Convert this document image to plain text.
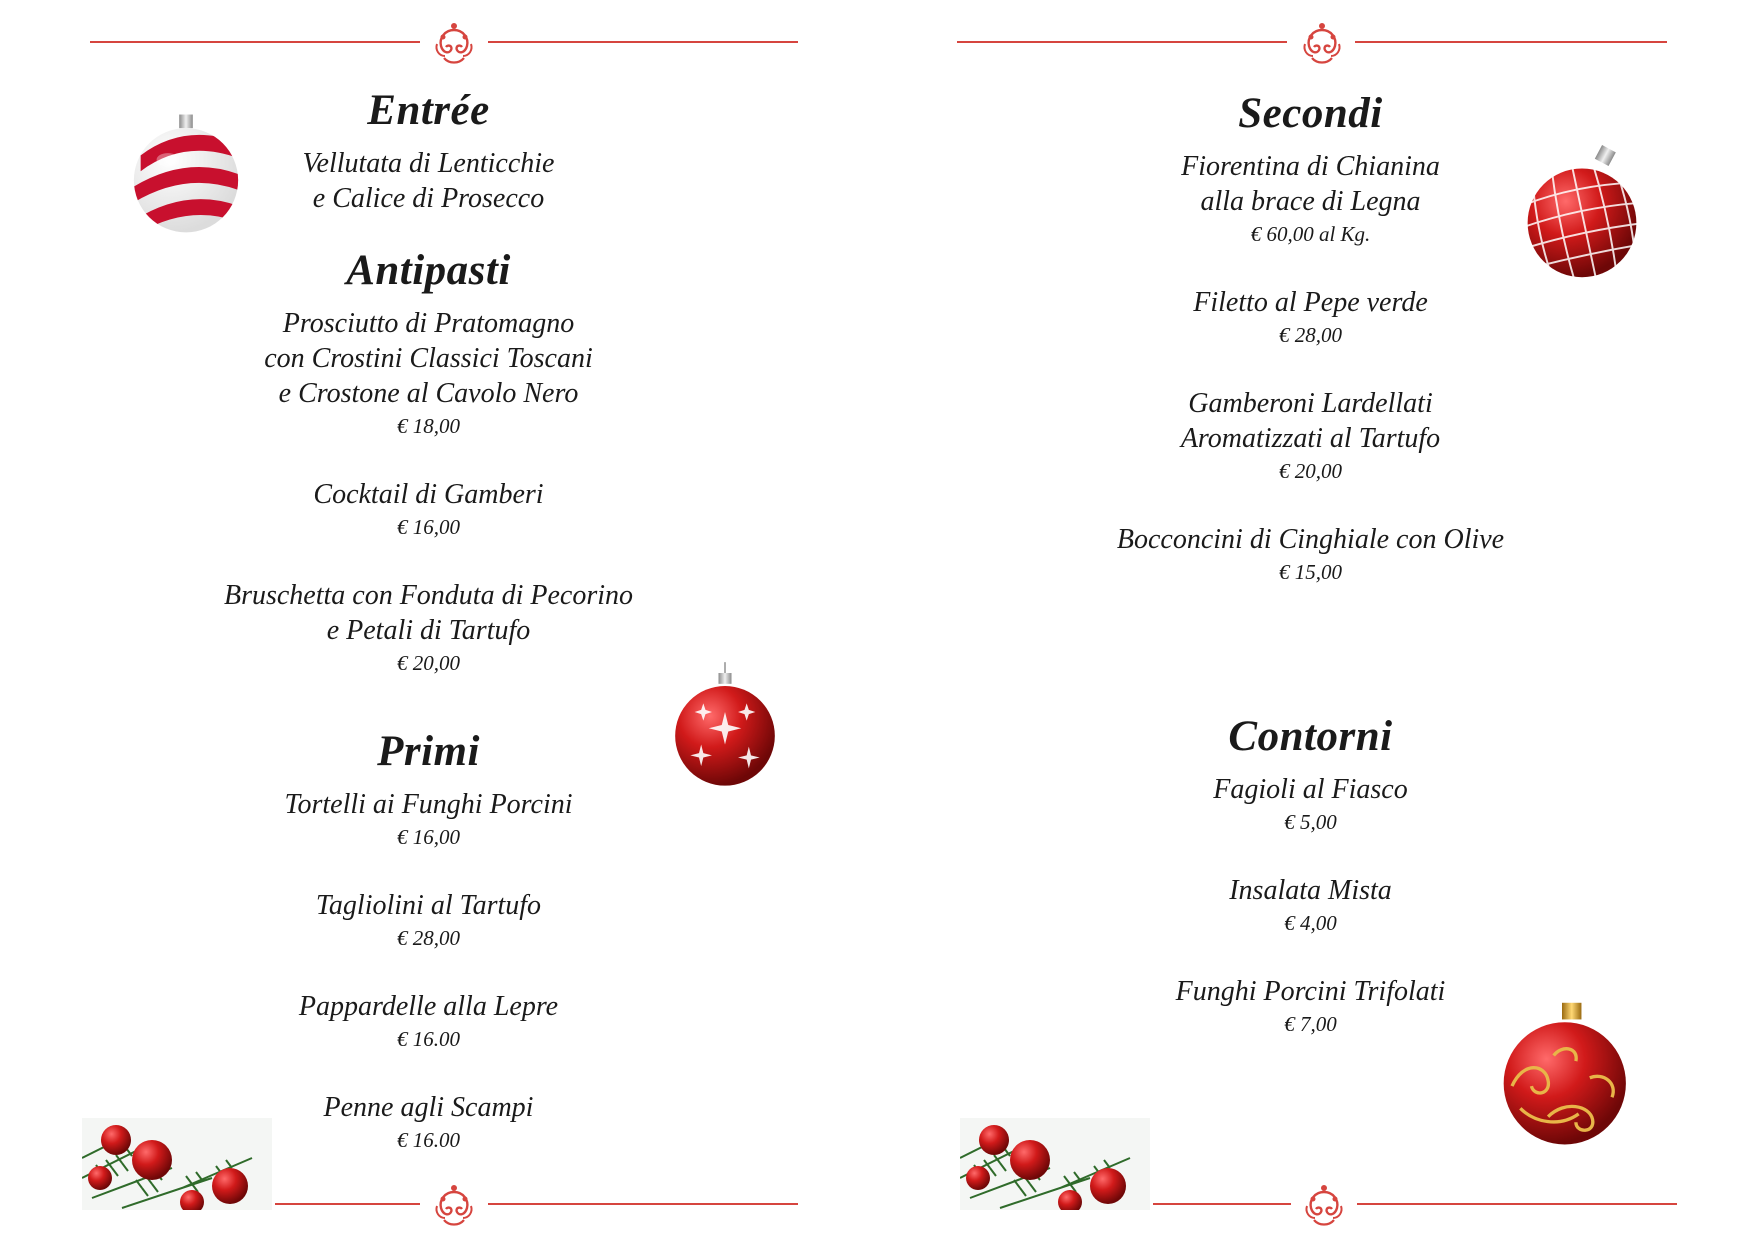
Entrée
Vellutata di Lenticchie
e Calice di Prosecco
Antipasti
Prosciutto di Pratomagno
con Crostini Classici Toscani
e Crostone al Cavolo Nero
€ 18,00
Cocktail di Gamberi
€ 16,00
Bruschetta con Fonduta di Pecorino
e Petali di Tartufo
€ 20,00
Primi
Tortelli ai Funghi Porcini
€ 16,00
Tagliolini al Tartufo
€ 28,00
Pappardelle alla Lepre
€ 16.00
Penne agli Scampi
€ 16.00
Secondi
Fiorentina di Chianina
alla brace di Legna
€ 60,00 al Kg.
Filetto al Pepe verde
€ 28,00
Gamberoni Lardellati
Aromatizzati al Tartufo
€ 20,00
Bocconcini di Cinghiale con Olive
€ 15,00
Contorni
Fagioli al Fiasco
€ 5,00
Insalata Mista
€ 4,00
Funghi Porcini Trifolati
€ 7,00
